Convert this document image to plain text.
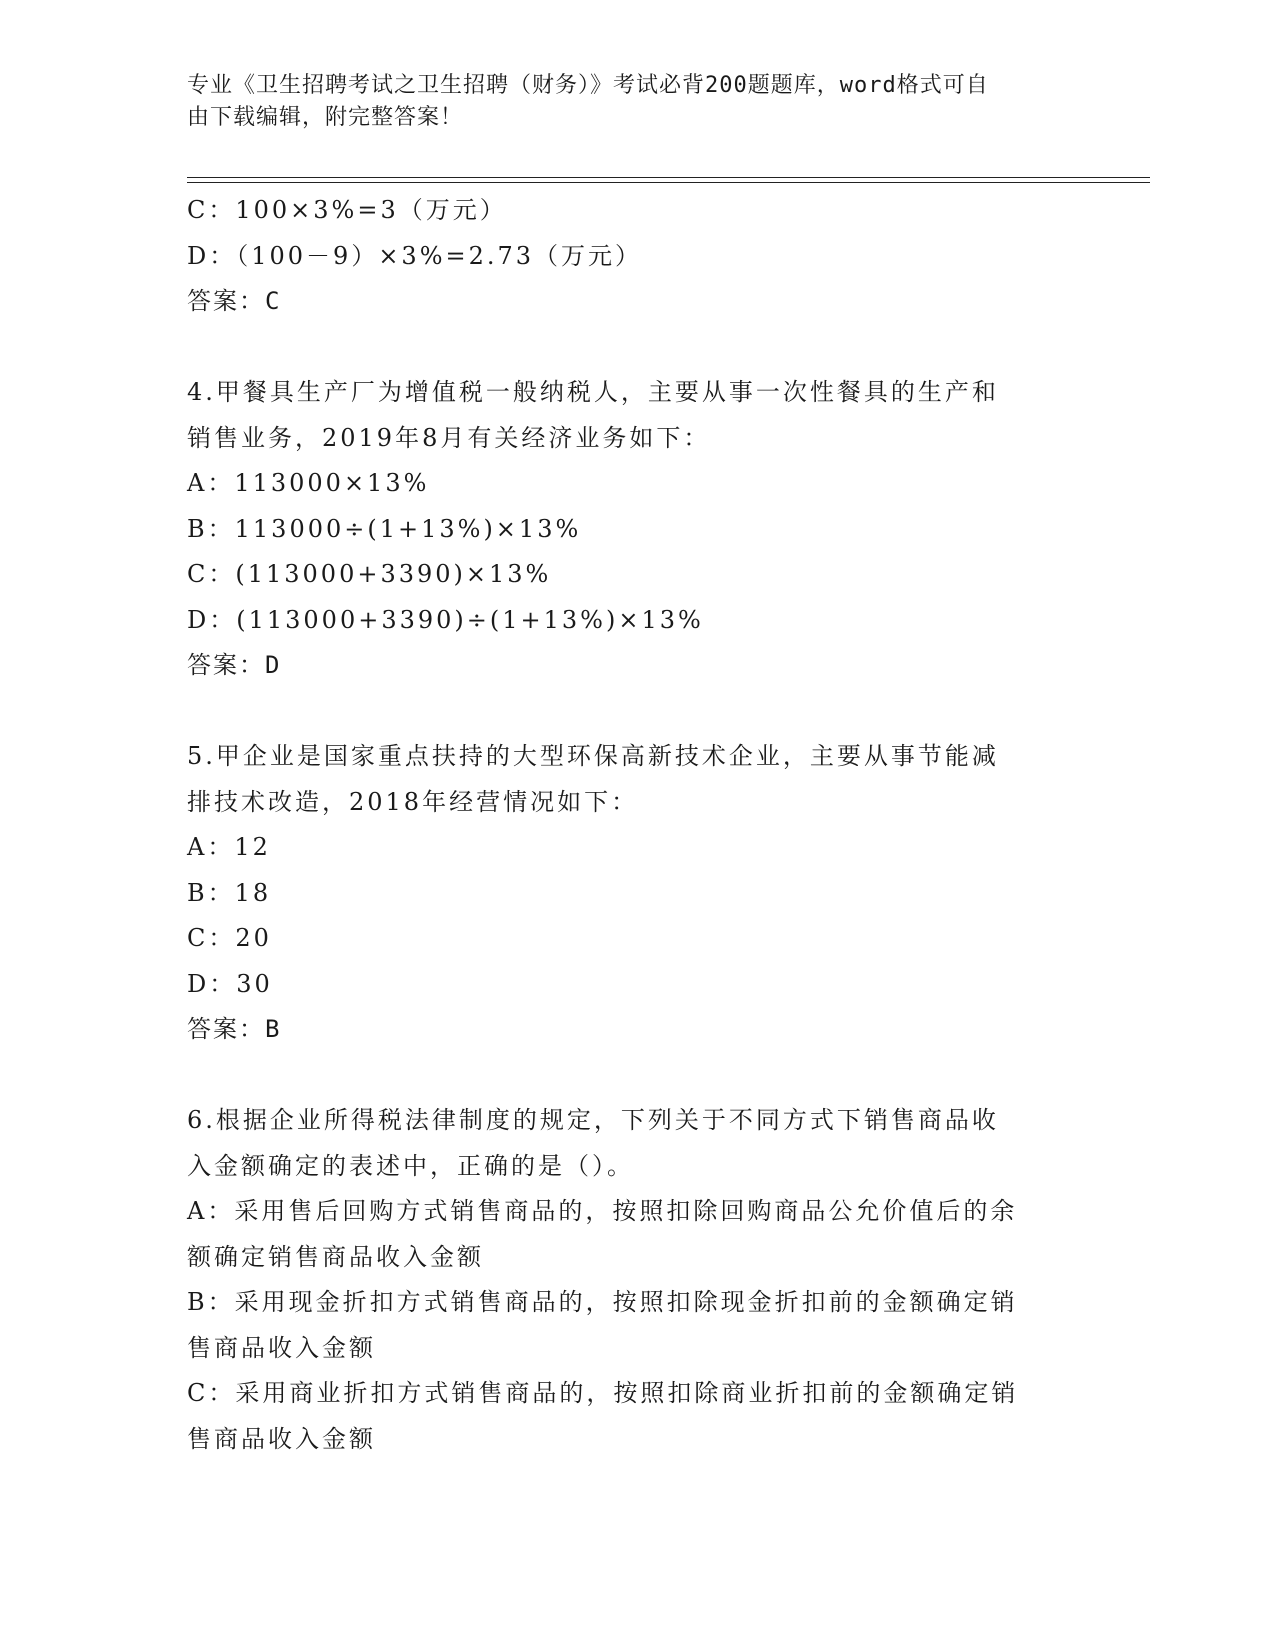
专业《卫生招聘考试之卫生招聘（财务）》考试必背200题题库，word格式可自
由下载编辑，附完整答案！
C：100×3%=3（万元）
D：（100－9）×3%=2.73（万元）
答案：C
4.甲餐具生产厂为增值税一般纳税人，主要从事一次性餐具的生产和
销售业务，2019年8月有关经济业务如下：
A：113000×13%
B：113000÷(1+13%)×13%
C：(113000+3390)×13%
D：(113000+3390)÷(1+13%)×13%
答案：D
5.甲企业是国家重点扶持的大型环保高新技术企业，主要从事节能减
排技术改造，2018年经营情况如下：
A：12
B：18
C：20
D：30
答案：B
6.根据企业所得税法律制度的规定，下列关于不同方式下销售商品收
入金额确定的表述中，正确的是（）。
A：采用售后回购方式销售商品的，按照扣除回购商品公允价值后的余
额确定销售商品收入金额
B：采用现金折扣方式销售商品的，按照扣除现金折扣前的金额确定销
售商品收入金额
C：采用商业折扣方式销售商品的，按照扣除商业折扣前的金额确定销
售商品收入金额
